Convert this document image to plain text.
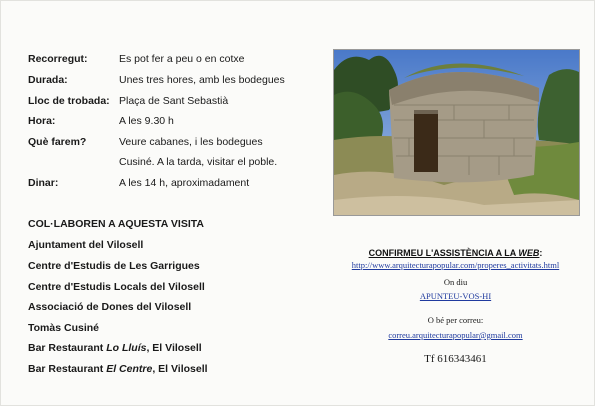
Recorregut:	Es pot fer a peu o en cotxe
Durada:	Unes tres hores, amb les bodegues
Lloc de trobada: Plaça de Sant Sebastià
Hora:	A les 9.30 h
Què farem?	Veure cabanes, i les bodegues
Cusiné. A la tarda, visitar el poble.
Dinar:	A les 14 h, aproximadament
COL·LABOREN A AQUESTA VISITA
Ajuntament del Vilosell
Centre d'Estudis de Les Garrigues
Centre d'Estudis Locals del Vilosell
Associació de Dones del Vilosell
Tomàs Cusiné
Bar Restaurant Lo Lluís, El Vilosell
Bar Restaurant El Centre, El Vilosell
CONFIRMEU L'ASSISTÈNCIA A LA WEB:
http://www.arquitecturapopular.com/properes_activitats.html
On diu
APUNTEU-VOS-HI
O bé per correu:
correu.arquitecturapopular@gmail.com
Tf 616343461
